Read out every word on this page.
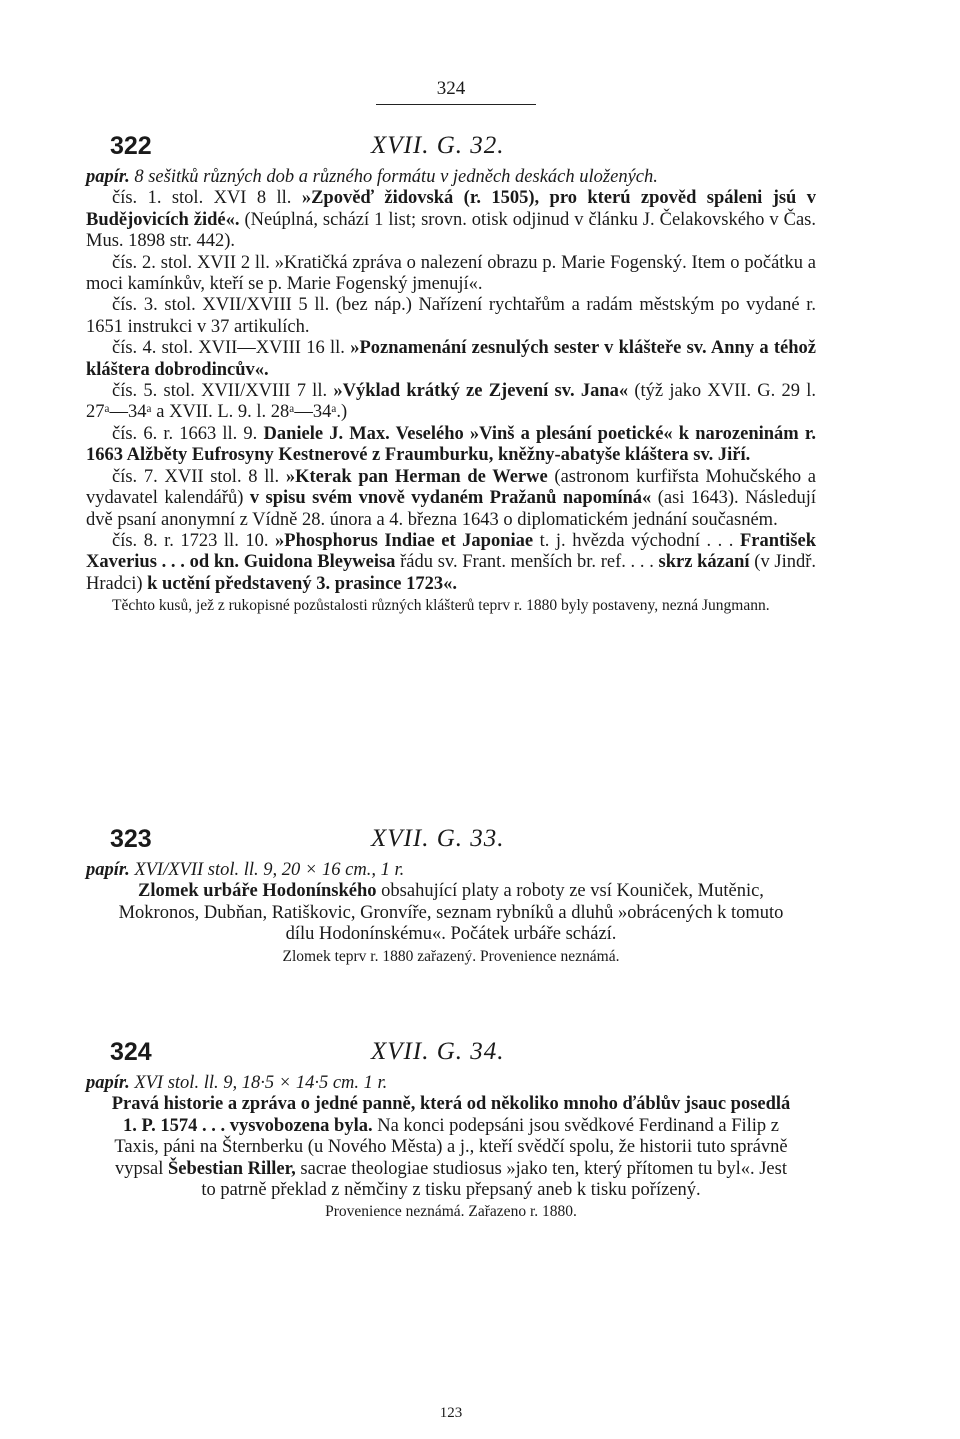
324
322	XVII. G. 32.

papír. 8 sešitků různých dob a různého formátu v jedněch deskách uložených.

čís. 1. stol. XVI 8 ll. »Zpověď židovská (r. 1505), pro kterú zpověd spáleni jsú v Budějovicích židé«. (Neúplná, schází 1 list; srovn. otisk odjinud v článku J. Čelakovského v Čas. Mus. 1898 str. 442).

čís. 2. stol. XVII 2 ll. »Kratičká zpráva o nalezení obrazu p. Marie Fogenský. Item o počátku a moci kamínkův, kteří se p. Marie Fogenský jmenují«.

čís. 3. stol. XVII/XVIII 5 ll. (bez náp.) Nařízení rychtařům a radám městským po vydané r. 1651 instrukci v 37 artikulích.

čís. 4. stol. XVII—XVIII 16 ll. »Poznamenání zesnulých sester v klášteře sv. Anny a téhož kláštera dobrodincův«.

čís. 5. stol. XVII/XVIII 7 ll. »Výklad krátký ze Zjevení sv. Jana« (týž jako XVII. G. 29 l. 27ᵃ—34ᵃ a XVII. L. 9. l. 28ᵃ—34ᵃ.)

čís. 6. r. 1663 ll. 9. Daniele J. Max. Veselého »Vinš a plesání poetické« k narozeninám r. 1663 Alžběty Eufrosyny Kestnerové z Fraumburku, kněžny-abatyše kláštera sv. Jiří.

čís. 7. XVII stol. 8 ll. »Kterak pan Herman de Werwe (astronom kurfiřsta Mohučského a vydavatel kalendářů) v spisu svém vnově vydaném Pražanů napomíná« (asi 1643). Následují dvě psaní anonymní z Vídně 28. února a 4. března 1643 o diplomatickém jednání současném.

čís. 8. r. 1723 ll. 10. »Phosphorus Indiae et Japoniae t. j. hvězda východní . . . František Xaverius . . . od kn. Guidona Bleyweisa řádu sv. Frant. menších br. ref. . . . skrz kázaní (v Jindř. Hradci) k uctění představený 3. prasince 1723«.

Těchto kusů, jež z rukopisné pozůstalosti různých klášterů teprv r. 1880 byly postaveny, nezná Jungmann.

323	XVII. G. 33.

papír. XVI/XVII stol. ll. 9, 20 × 16 cm., 1 r.

Zlomek urbáře Hodonínského obsahující platy a roboty ze vsí Kouniček, Mutěnic, Mokronos, Dubňan, Ratiškovic, Gronvíře, seznam rybníků a dluhů »obrácených k tomuto dílu Hodonínskému«. Počátek urbáře schází.

Zlomek teprv r. 1880 zařazený. Provenience neznámá.

324	XVII. G. 34.

papír. XVI stol. ll. 9, 18·5 × 14·5 cm. 1 r.

Pravá historie a zpráva o jedné panně, která od několiko mnoho ďáblův jsauc posedlá 1. P. 1574 . . . vysvobozena byla. Na konci podepsáni jsou svědkové Ferdinand a Filip z Taxis, páni na Šternberku (u Nového Města) a j., kteří svědčí spolu, že historii tuto správně vypsal Šebestian Riller, sacrae theologiae studiosus »jako ten, který přítomen tu byl«. Jest to patrně překlad z němčiny z tisku přepsaný aneb k tisku pořízený.

Provenience neznámá. Zařazeno r. 1880.

123
